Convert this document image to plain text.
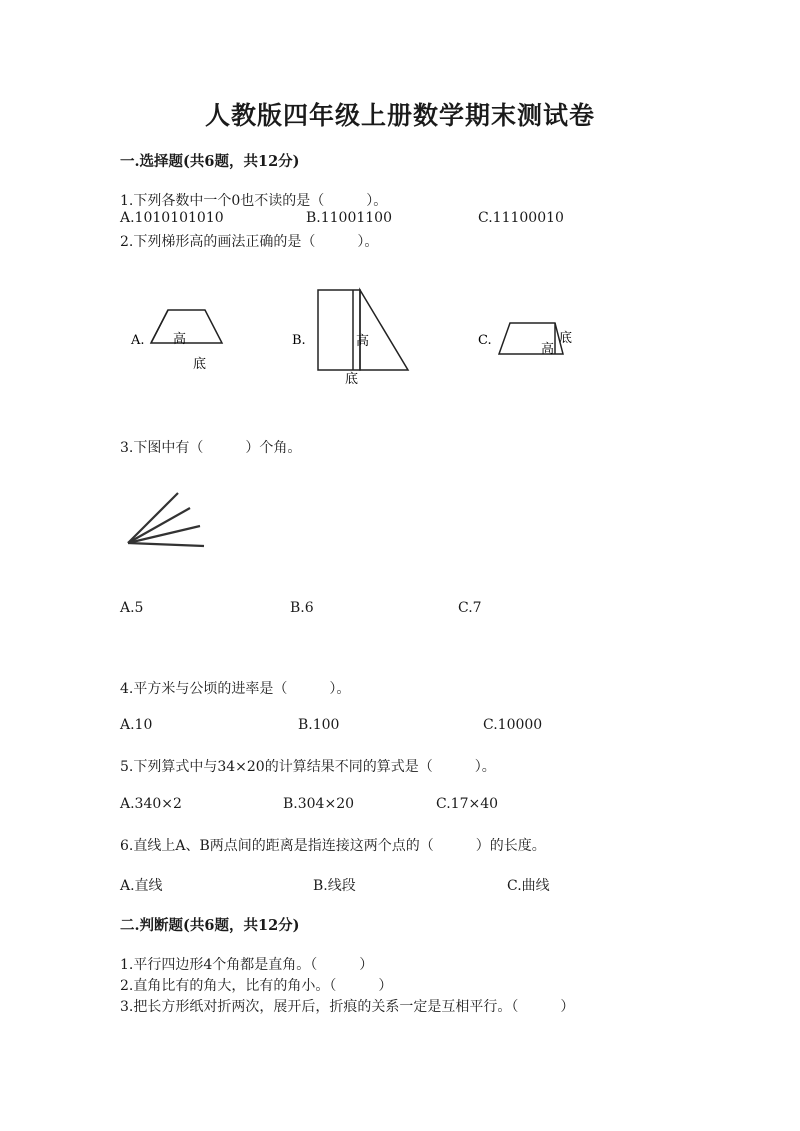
人教版四年级上册数学期末测试卷
一.选择题(共6题，共12分)
1.下列各数中一个0也不读的是（　　　）。
A.1010101010	B.11001100	C.11100010
2.下列梯形高的画法正确的是（　　　）。
A. 高
底
B.	高
底
C.	底
高
3.下图中有（　　　）个角。
A.5	B.6	C.7
4.平方米与公顷的进率是（　　　）。
A.10	B.100	C.10000
5.下列算式中与34×20的计算结果不同的算式是（　　　）。
A.340×2	B.304×20	C.17×40
6.直线上A、B两点间的距离是指连接这两个点的（　　　）的长度。
A.直线	B.线段	C.曲线
二.判断题(共6题，共12分)
1.平行四边形4个角都是直角。（　　　）
2.直角比有的角大，比有的角小。（　　　）
3.把长方形纸对折两次，展开后，折痕的关系一定是互相平行。（　　　）
